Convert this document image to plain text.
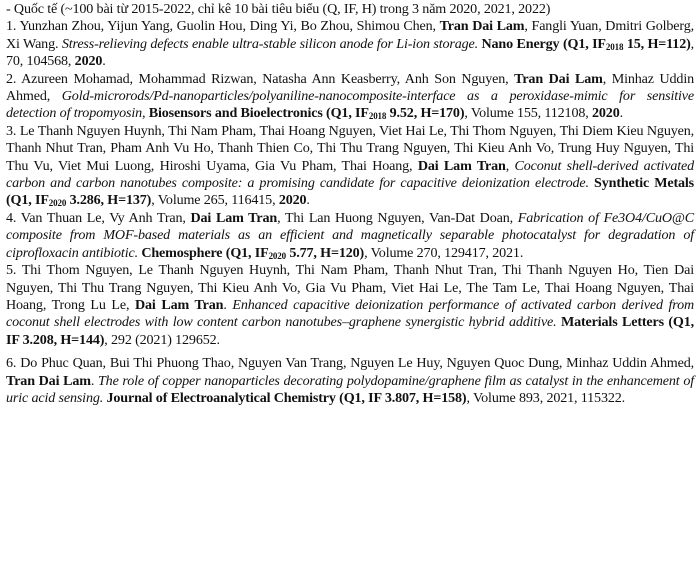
- Quốc tế (~100 bài từ 2015-2022, chỉ kê 10 bài tiêu biểu (Q, IF, H) trong 3 năm 2020, 2021, 2022)

1. Yunzhan Zhou, Yijun Yang, Guolin Hou, Ding Yi, Bo Zhou, Shimou Chen, Tran Dai Lam, Fangli Yuan, Dmitri Golberg, Xi Wang. Stress-relieving defects enable ultra-stable silicon anode for Li-ion storage. Nano Energy (Q1, $IF_{2018}$ 15, H=112), 70, 104568, 2020.

2. Azureen Mohamad, Mohammad Rizwan, Natasha Ann Keasberry, Anh Son Nguyen, Tran Dai Lam, Minhaz Uddin Ahmed, Gold-microrods/Pd-nanoparticles/polyaniline-nanocomposite-interface as a peroxidase-mimic for sensitive detection of tropomyosin, Biosensors and Bioelectronics (Q1, $IF_{2018}$ 9.52, H=170), Volume 155, 112108, 2020.

3. Le Thanh Nguyen Huynh, Thi Nam Pham, Thai Hoang Nguyen, Viet Hai Le, Thi Thom Nguyen, Thi Diem Kieu Nguyen, Thanh Nhut Tran, Pham Anh Vu Ho, Thanh Thien Co, Thi Thu Trang Nguyen, Thi Kieu Anh Vo, Trung Huy Nguyen, Thi Thu Vu, Viet Mui Luong, Hiroshi Uyama, Gia Vu Pham, Thai Hoang, Dai Lam Tran, Coconut shell-derived activated carbon and carbon nanotubes composite: a promising candidate for capacitive deionization electrode. Synthetic Metals (Q1, $IF_{2020}$ 3.286, H=137), Volume 265, 116415, 2020.

4. Van Thuan Le, Vy Anh Tran, Dai Lam Tran, Thi Lan Huong Nguyen, Van-Dat Doan, Fabrication of Fe3O4/CuO@C composite from MOF-based materials as an efficient and magnetically separable photocatalyst for degradation of ciprofloxacin antibiotic. Chemosphere (Q1, $IF_{2020}$ 5.77, H=120), Volume 270, 129417, 2021.

5. Thi Thom Nguyen, Le Thanh Nguyen Huynh, Thi Nam Pham, Thanh Nhut Tran, Thi Thanh Nguyen Ho, Tien Dai Nguyen, Thi Thu Trang Nguyen, Thi Kieu Anh Vo, Gia Vu Pham, Viet Hai Le, The Tam Le, Thai Hoang Nguyen, Thai Hoang, Trong Lu Le, Dai Lam Tran. Enhanced capacitive deionization performance of activated carbon derived from coconut shell electrodes with low content carbon nanotubes–graphene synergistic hybrid additive. Materials Letters (Q1, IF 3.208, H=144), 292 (2021) 129652.

6. Do Phuc Quan, Bui Thi Phuong Thao, Nguyen Van Trang, Nguyen Le Huy, Nguyen Quoc Dung, Minhaz Uddin Ahmed, Tran Dai Lam. The role of copper nanoparticles decorating polydopamine/graphene film as catalyst in the enhancement of uric acid sensing. Journal of Electroanalytical Chemistry (Q1, IF 3.807, H=158), Volume 893, 2021, 115322.
